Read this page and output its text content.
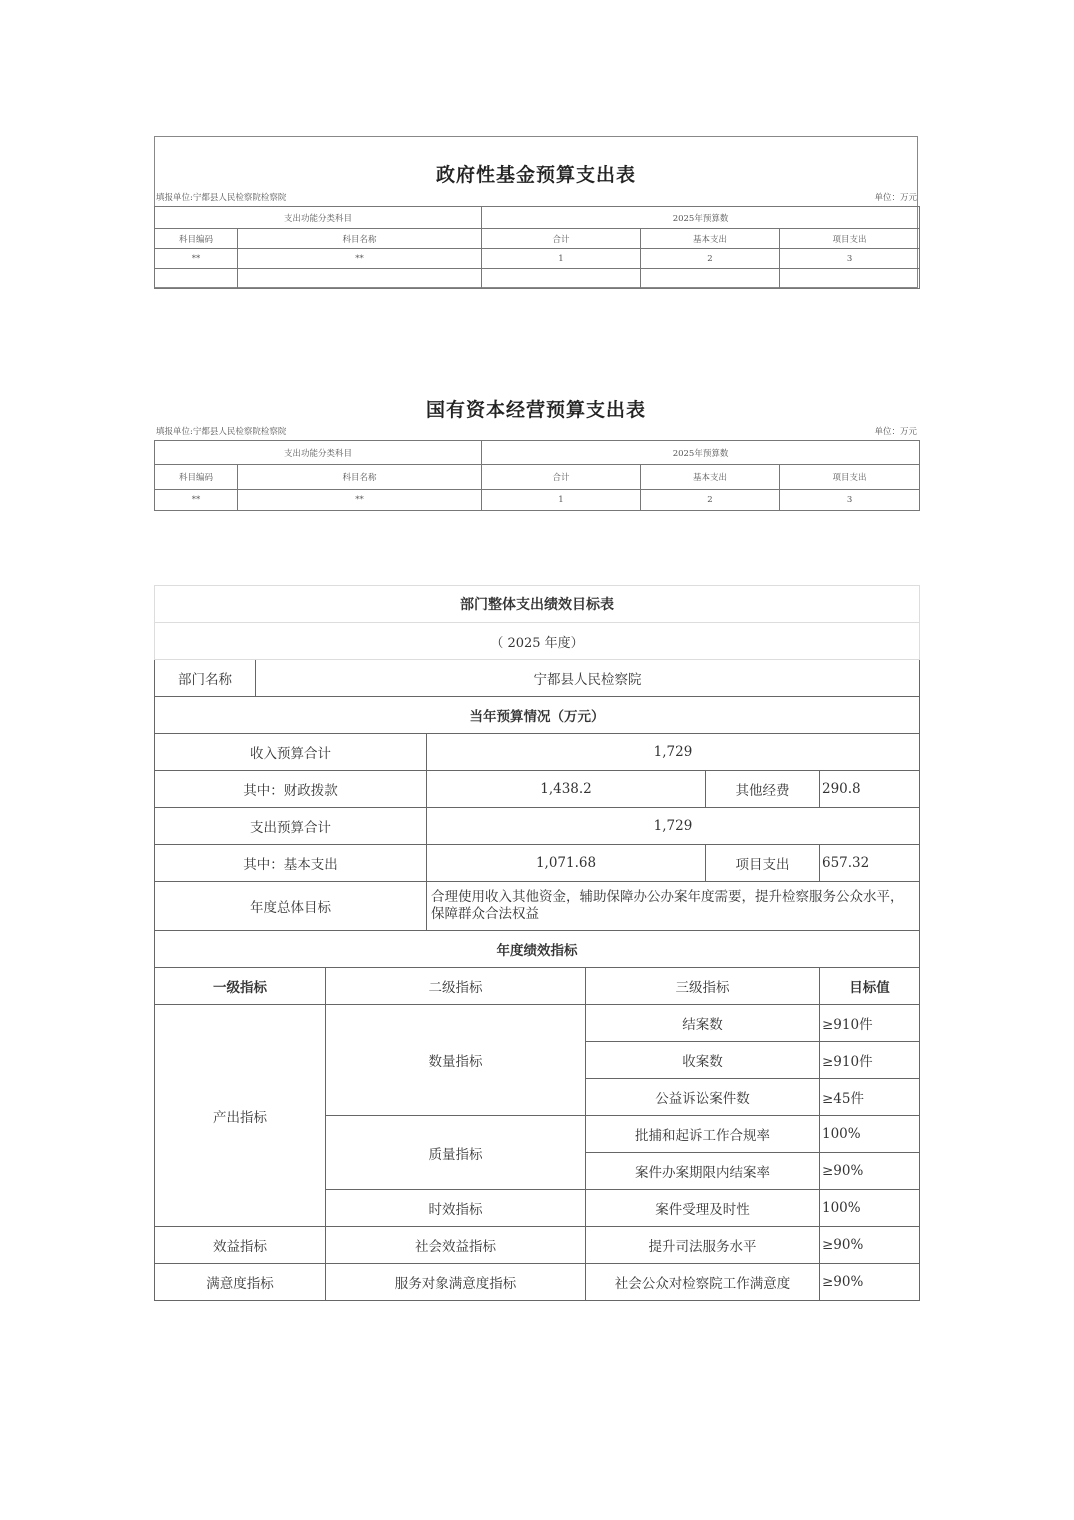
政府性基金预算支出表
填报单位:宁都县人民检察院检察院	单位：万元
支出功能分类科目		2025年预算数		
科目编码	科目名称	合计	基本支出	项目支出
**	**	1	2	3

国有资本经营预算支出表
填报单位:宁都县人民检察院检察院	单位：万元
支出功能分类科目		2025年预算数		
科目编码	科目名称	合计	基本支出	项目支出
**	**	1	2	3
部门整体支出绩效目标表						
（ 2025 年度）						
部门名称	宁都县人民检察院					
当年预算情况（万元）						
收入预算合计			1,729			
其中：财政拨款			1,438.2		其他经费	290.8
支出预算合计			1,729			
其中：基本支出			1,071.68		项目支出	657.32
年度总体目标			合理使用收入其他资金，辅助保障办公办案年度需要，提升检察服务公众水平，保障群众合法权益			
年度绩效指标						
一级指标		二级指标		三级指标		目标值
产出指标		数量指标		结案数		≥910件
				收案数		≥910件
				公益诉讼案件数		≥45件
		质量指标		批捕和起诉工作合规率		100%
				案件办案期限内结案率		≥90%
		时效指标		案件受理及时性		100%
效益指标		社会效益指标		提升司法服务水平		≥90%
满意度指标		服务对象满意度指标		社会公众对检察院工作满意度		≥90%
